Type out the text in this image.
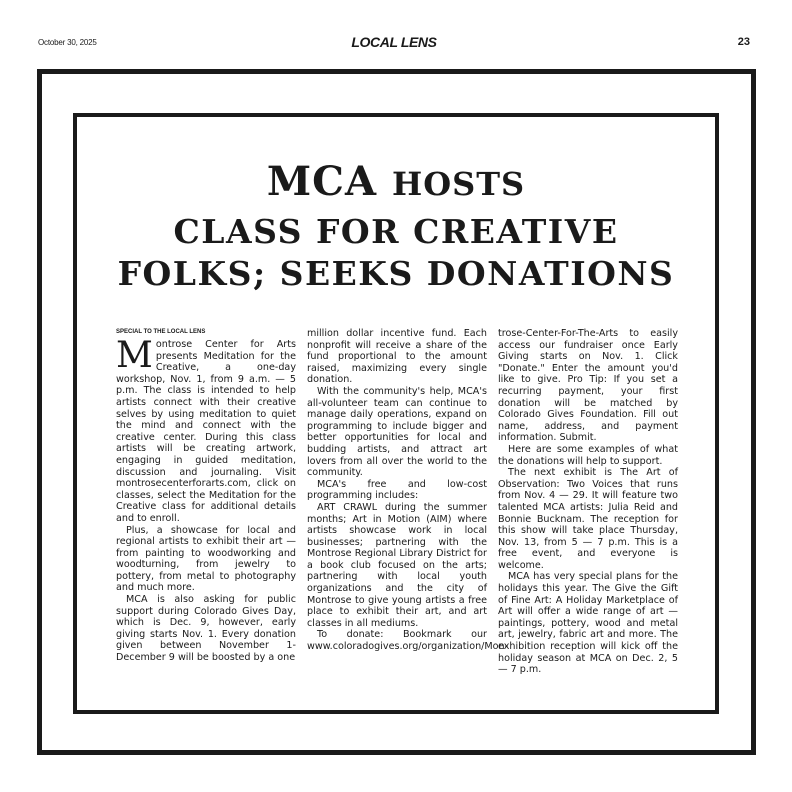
October 30, 2025	LOCAL LENS	23
MCA HOSTS
CLASS FOR CREATIVE
FOLKS; SEEKS DONATIONS
SPECIAL TO THE LOCAL LENS

Montrose Center for Arts presents Meditation for the Creative, a one-day workshop, Nov. 1, from 9 a.m. — 5 p.m. The class is intended to help artists connect with their creative selves by using meditation to quiet the mind and connect with the creative center. During this class artists will be creating artwork, engaging in guided meditation, discussion and journaling. Visit montrosecenterforarts.com, click on classes, select the Meditation for the Creative class for additional details and to enroll.

Plus, a showcase for local and regional artists to exhibit their art — from painting to woodworking and woodturning, from jewelry to pottery, from metal to photography and much more.

MCA is also asking for public support during Colorado Gives Day, which is Dec. 9, however, early giving starts Nov. 1. Every donation given between November 1-December 9 will be boosted by a one

million dollar incentive fund. Each nonprofit will receive a share of the fund proportional to the amount raised, maximizing every single donation.

With the community's help, MCA's all-volunteer team can continue to manage daily operations, expand on programming to include bigger and better opportunities for local and budding artists, and attract art lovers from all over the world to the community.

MCA's free and low-cost programming includes:

ART CRAWL during the summer months; Art in Motion (AIM) where artists showcase work in local businesses; partnering with the Montrose Regional Library District for a book club focused on the arts; partnering with local youth organizations and the city of Montrose to give young artists a free place to exhibit their art, and art classes in all mediums.

To donate: Bookmark our www.coloradogives.org/organization/Mon-

trose-Center-For-The-Arts to easily access our fundraiser once Early Giving starts on Nov. 1. Click "Donate." Enter the amount you'd like to give. Pro Tip: If you set a recurring payment, your first donation will be matched by Colorado Gives Foundation. Fill out name, address, and payment information. Submit.

Here are some examples of what the donations will help to support.

The next exhibit is The Art of Observation: Two Voices that runs from Nov. 4 — 29. It will feature two talented MCA artists: Julia Reid and Bonnie Bucknam. The reception for this show will take place Thursday, Nov. 13, from 5 — 7 p.m. This is a free event, and everyone is welcome.

MCA has very special plans for the holidays this year. The Give the Gift of Fine Art: A Holiday Marketplace of Art will offer a wide range of art — paintings, pottery, wood and metal art, jewelry, fabric art and more. The exhibition reception will kick off the holiday season at MCA on Dec. 2, 5 — 7 p.m.
